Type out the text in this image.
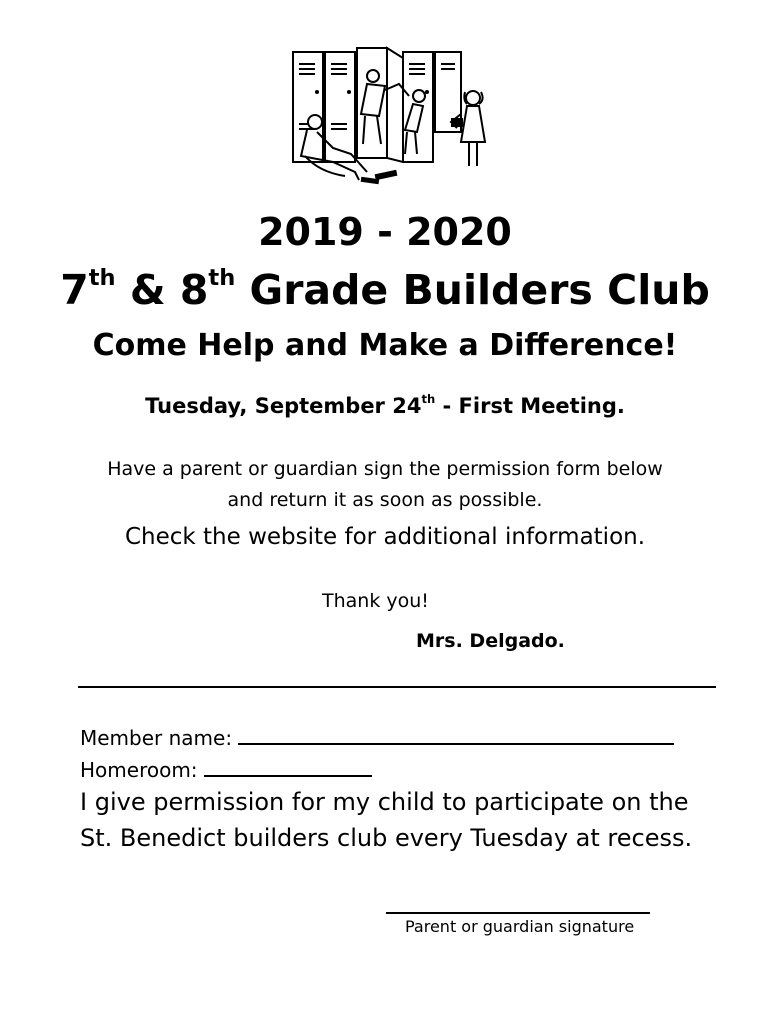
2019 - 2020
7th & 8th Grade Builders Club
Come Help and Make a Difference!
Tuesday, September 24th - First Meeting.
Have a parent or guardian sign the permission form below
and return it as soon as possible.
Check the website for additional information.
Thank you!
Mrs. Delgado.
Member name:
Homeroom:
I give permission for my child to participate on the
St. Benedict builders club every Tuesday at recess.
Parent or guardian signature
